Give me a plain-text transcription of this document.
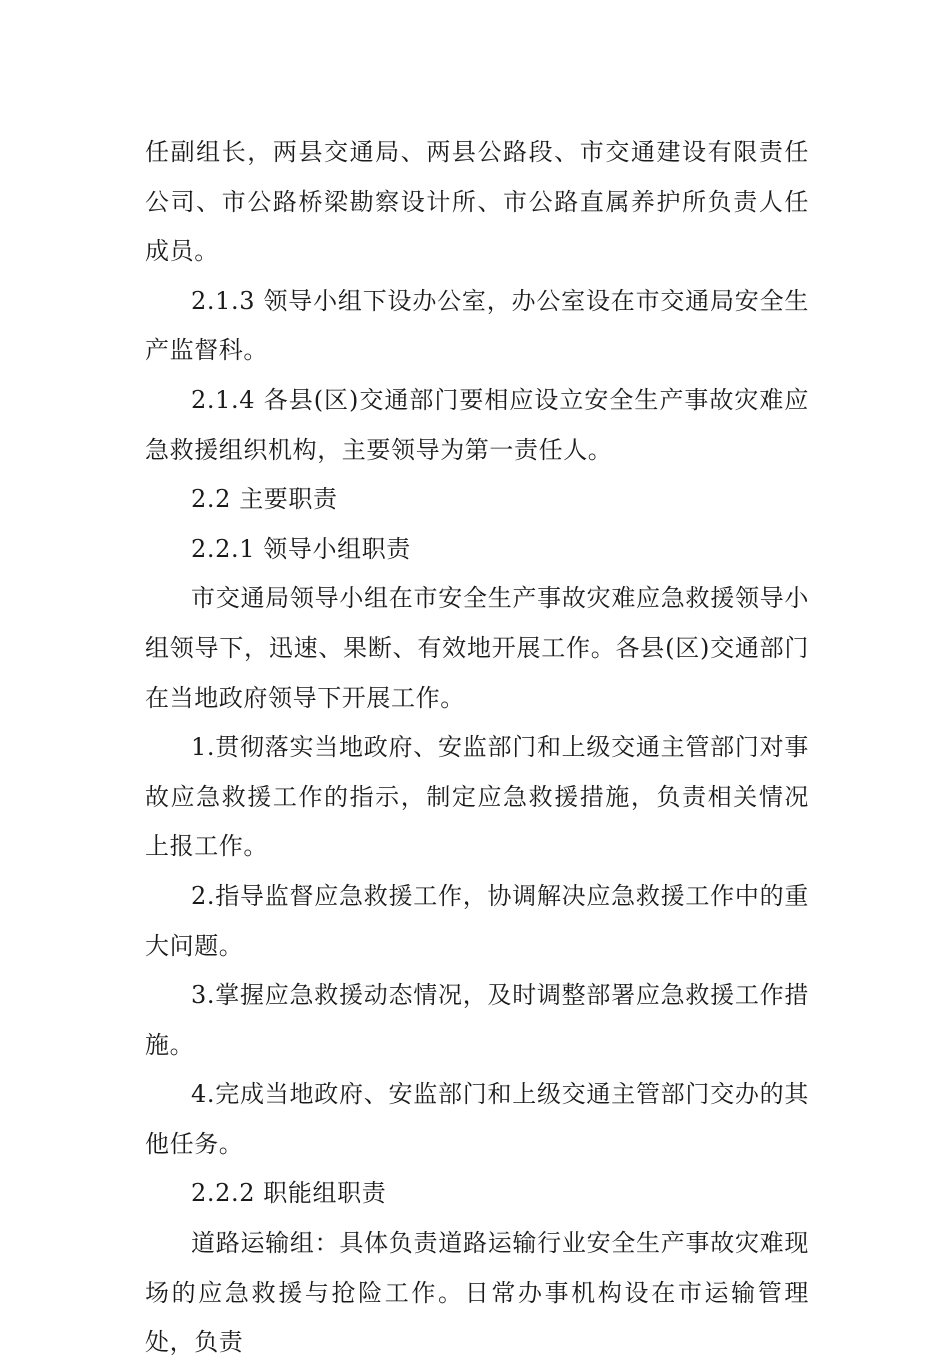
任副组长，两县交通局、两县公路段、市交通建设有限责任公司、市公路桥梁勘察设计所、市公路直属养护所负责人任成员。

2.1.3 领导小组下设办公室，办公室设在市交通局安全生产监督科。

2.1.4 各县(区)交通部门要相应设立安全生产事故灾难应急救援组织机构，主要领导为第一责任人。

2.2 主要职责

2.2.1 领导小组职责

市交通局领导小组在市安全生产事故灾难应急救援领导小组领导下，迅速、果断、有效地开展工作。各县(区)交通部门在当地政府领导下开展工作。

1.贯彻落实当地政府、安监部门和上级交通主管部门对事故应急救援工作的指示，制定应急救援措施，负责相关情况上报工作。

2.指导监督应急救援工作，协调解决应急救援工作中的重大问题。

3.掌握应急救援动态情况，及时调整部署应急救援工作措施。

4.完成当地政府、安监部门和上级交通主管部门交办的其他任务。

2.2.2 职能组职责

道路运输组：具体负责道路运输行业安全生产事故灾难现场的应急救援与抢险工作。日常办事机构设在市运输管理处，负责
